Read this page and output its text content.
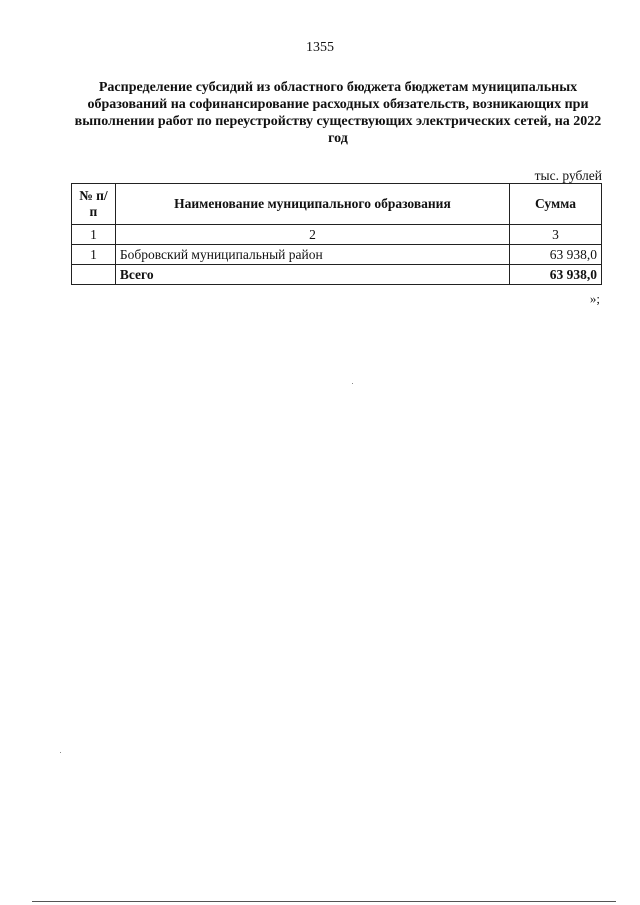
1355
Распределение субсидий из областного бюджета бюджетам муниципальных образований на софинансирование расходных обязательств, возникающих при выполнении работ по переустройству существующих электрических сетей, на 2022 год
тыс. рублей
№ п/п	Наименование муниципального образования	Сумма
1	2	3
1	Бобровский муниципальный район	63 938,0
	Всего	63 938,0
»;
